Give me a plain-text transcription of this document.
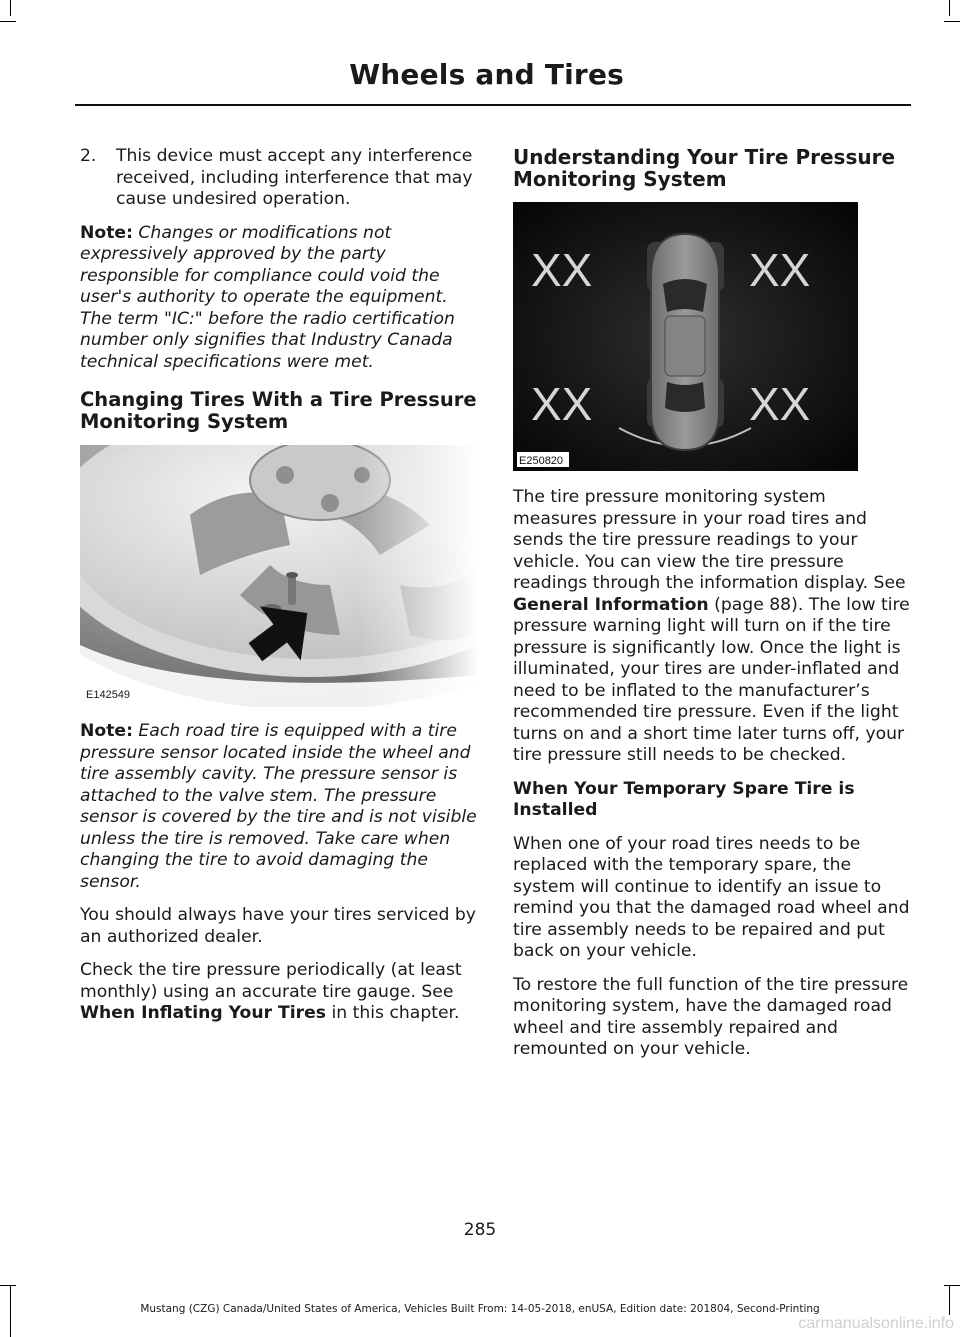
Wheels and Tires
2.	This device must accept any interference received, including interference that may cause undesired operation.

Note: Changes or modifications not expressively approved by the party responsible for compliance could void the user's authority to operate the equipment. The term "IC:" before the radio certification number only signifies that Industry Canada technical specifications were met.

Changing Tires With a Tire Pressure Monitoring System
E142549

Note: Each road tire is equipped with a tire pressure sensor located inside the wheel and tire assembly cavity. The pressure sensor is attached to the valve stem. The pressure sensor is covered by the tire and is not visible unless the tire is removed. Take care when changing the tire to avoid damaging the sensor.

You should always have your tires serviced by an authorized dealer.

Check the tire pressure periodically (at least monthly) using an accurate tire gauge. See When Inflating Your Tires in this chapter.

Understanding Your Tire Pressure Monitoring System
XX	XX
XX	XX
E250820

The tire pressure monitoring system measures pressure in your road tires and sends the tire pressure readings to your vehicle. You can view the tire pressure readings through the information display. See General Information (page 88). The low tire pressure warning light will turn on if the tire pressure is significantly low. Once the light is illuminated, your tires are under-inflated and need to be inflated to the manufacturer’s recommended tire pressure. Even if the light turns on and a short time later turns off, your tire pressure still needs to be checked.

When Your Temporary Spare Tire is Installed

When one of your road tires needs to be replaced with the temporary spare, the system will continue to identify an issue to remind you that the damaged road wheel and tire assembly needs to be repaired and put back on your vehicle.

To restore the full function of the tire pressure monitoring system, have the damaged road wheel and tire assembly repaired and remounted on your vehicle.

285
Mustang (CZG) Canada/United States of America, Vehicles Built From: 14-05-2018, enUSA, Edition date: 201804, Second-Printing
carmanualsonline.info
